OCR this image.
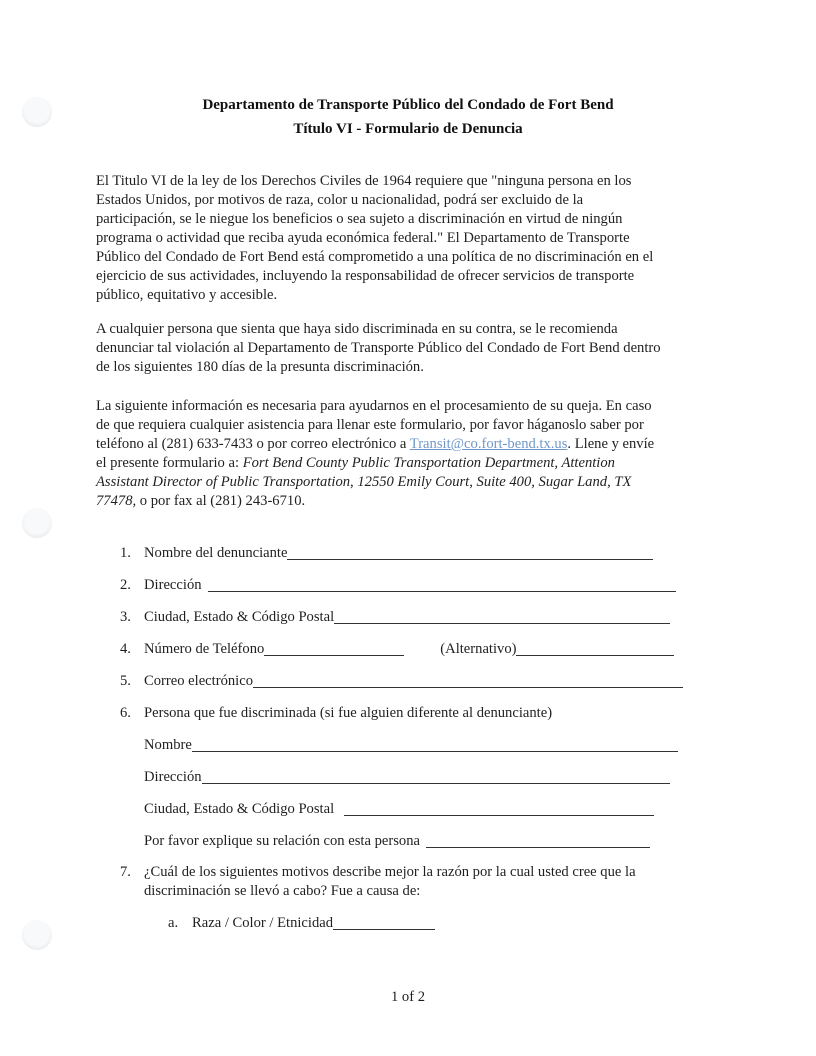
Departamento de Transporte Público del Condado de Fort Bend
Título VI - Formulario de Denuncia
El Titulo VI de la ley de los Derechos Civiles de 1964 requiere que "ninguna persona en los
Estados Unidos, por motivos de raza, color u nacionalidad, podrá ser excluido de la
participación, se le niegue los beneficios o sea sujeto a discriminación en virtud de ningún
programa o actividad que reciba ayuda económica federal." El Departamento de Transporte
Público del Condado de Fort Bend está comprometido a una política de no discriminación en el
ejercicio de sus actividades, incluyendo la responsabilidad de ofrecer servicios de transporte
público, equitativo y accesible.
A cualquier persona que sienta que haya sido discriminada en su contra, se le recomienda
denunciar tal violación al Departamento de Transporte Público del Condado de Fort Bend dentro
de los siguientes 180 días de la presunta discriminación.
La siguiente información es necesaria para ayudarnos en el procesamiento de su queja. En caso
de que requiera cualquier asistencia para llenar este formulario, por favor háganoslo saber por
teléfono al (281) 633-7433 o por correo electrónico a Transit@co.fort-bend.tx.us. Llene y envíe
el presente formulario a: Fort Bend County Public Transportation Department, Attention
Assistant Director of Public Transportation, 12550 Emily Court, Suite 400, Sugar Land, TX
77478, o por fax al (281) 243-6710.
1. Nombre del denunciante
2. Dirección
3. Ciudad, Estado & Código Postal
4. Número de Teléfono	(Alternativo)
5. Correo electrónico
6. Persona que fue discriminada (si fue alguien diferente al denunciante)
Nombre
Dirección
Ciudad, Estado & Código Postal
Por favor explique su relación con esta persona
7. ¿Cuál de los siguientes motivos describe mejor la razón por la cual usted cree que la
discriminación se llevó a cabo? Fue a causa de:
a. Raza / Color / Etnicidad
1 of 2
